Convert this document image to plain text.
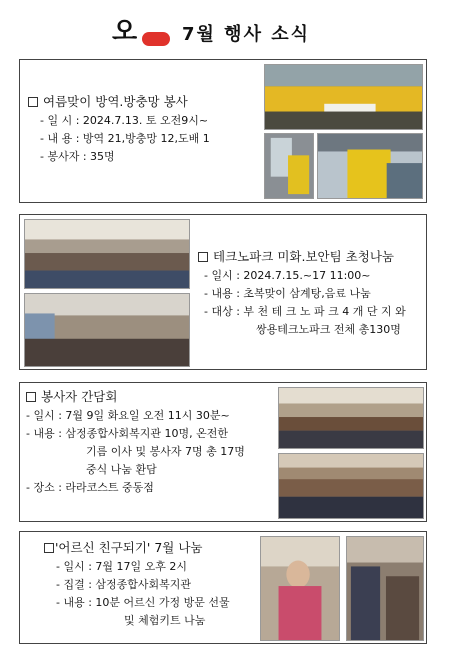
오 7월 행사 소식
여름맞이 방역.방충망 봉사
- 일 시 : 2024.7.13. 토 오전9시~
- 내 용 : 방역 21,방충망 12,도배 1
- 봉사자 : 35명
테크노파크 미화.보안팀 초청나눔
- 일시 : 2024.7.15.~17 11:00~
- 내용 : 초복맞이 삼계탕,음료 나눔
- 대상 : 부 천 테 크 노 파 크 4 개 단 지 와
쌍용테크노파크 전체 총130명
봉사자 간담회
- 일시 : 7월 9일 화요일 오전 11시 30분~
- 내용 : 삼정종합사회복지관 10명, 온전한
기름 이사 및 봉사자 7명 총 17명
중식 나눔 환담
- 장소 : 라라코스트 중동점
'어르신 친구되기' 7월 나눔
- 일시 : 7월 17일 오후 2시
- 집결 : 삼정종합사회복지관
- 내용 : 10분 어르신 가정 방문 선물
및 체험키트 나눔
